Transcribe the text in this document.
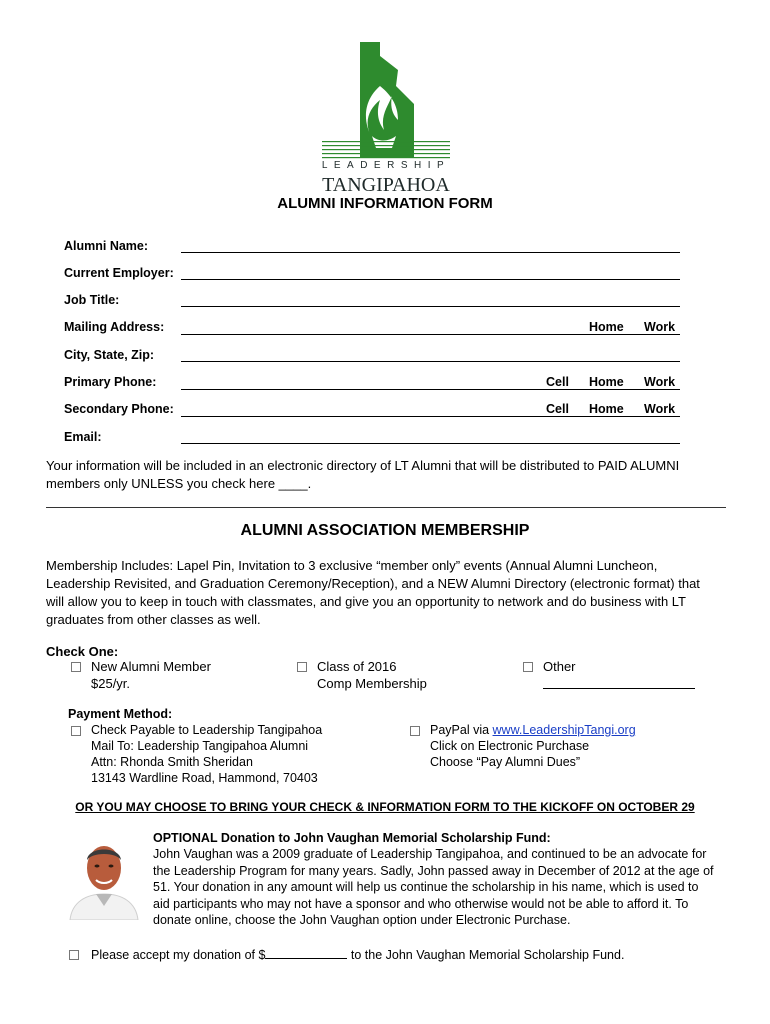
LEADERSHIP
TANGIPAHOA
ALUMNI INFORMATION FORM
Alumni Name:
Current Employer:
Job Title:
Mailing Address:	Home Work
City, State, Zip:
Primary Phone:	Cell Home Work
Secondary Phone:	Cell Home Work
Email:
Your information will be included in an electronic directory of LT Alumni that will be distributed to PAID ALUMNI
members only UNLESS you check here ____.
ALUMNI ASSOCIATION MEMBERSHIP
Membership Includes: Lapel Pin, Invitation to 3 exclusive “member only” events (Annual Alumni Luncheon,
Leadership Revisited, and Graduation Ceremony/Reception), and a NEW Alumni Directory (electronic format) that
will allow you to keep in touch with classmates, and give you an opportunity to network and do business with LT
graduates from other classes as well.
Check One:
New Alumni Member
$25/yr.
Class of 2016
Comp Membership
Other
Payment Method:
Check Payable to Leadership Tangipahoa
Mail To: Leadership Tangipahoa Alumni
Attn: Rhonda Smith Sheridan
13143 Wardline Road, Hammond, 70403
PayPal via www.LeadershipTangi.org
Click on Electronic Purchase
Choose “Pay Alumni Dues”
OR YOU MAY CHOOSE TO BRING YOUR CHECK & INFORMATION FORM TO THE KICKOFF ON OCTOBER 29
OPTIONAL Donation to John Vaughan Memorial Scholarship Fund:
John Vaughan was a 2009 graduate of Leadership Tangipahoa, and continued to be an advocate for
the Leadership Program for many years. Sadly, John passed away in December of 2012 at the age of
51. Your donation in any amount will help us continue the scholarship in his name, which is used to
aid participants who may not have a sponsor and who otherwise would not be able to afford it. To
donate online, choose the John Vaughan option under Electronic Purchase.
Please accept my donation of $	to the John Vaughan Memorial Scholarship Fund.
